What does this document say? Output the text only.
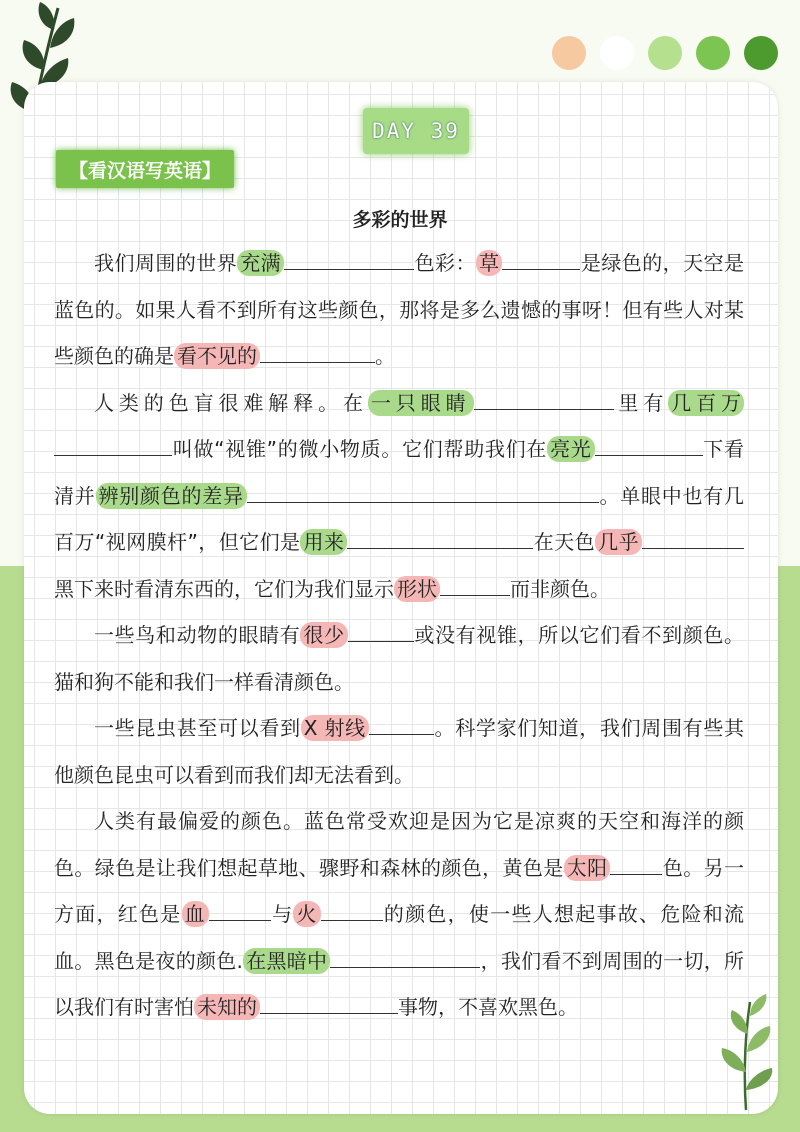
DAY 39
【看汉语写英语】
多彩的世界

我们周围的世界 充满	色彩： 草	是绿色的，天空是蓝色的。如果人看不到所有这些颜色，那将是多么遗憾的事呀！但有些人对某些颜色的确是 看不见的	。

人类的色盲很难解释。在 一只眼睛	里有 几百万叫做“视锥”的微小物质。它们帮助我们在 亮光	下看清并 辨别颜色的差异	。单眼中也有几百万“视网膜杆”，但它们是 用来	在天色 几乎黑下来时看清东西的，它们为我们显示 形状	而非颜色。

一些鸟和动物的眼睛有 很少	或没有视锥，所以它们看不到颜色。猫和狗不能和我们一样看清颜色。

一些昆虫甚至可以看到 X 射线	。科学家们知道，我们周围有些其他颜色昆虫可以看到而我们却无法看到。

人类有最偏爱的颜色。蓝色常受欢迎是因为它是凉爽的天空和海洋的颜色。绿色是让我们想起草地、骤野和森林的颜色，黄色是 太阳	色。另一方面，红色是 血	与 火	的颜色，使一些人想起事故、危险和流血。黑色是夜的颜色. 在黑暗中	，我们看不到周围的一切，所以我们有时害怕 未知的	事物，不喜欢黑色。
